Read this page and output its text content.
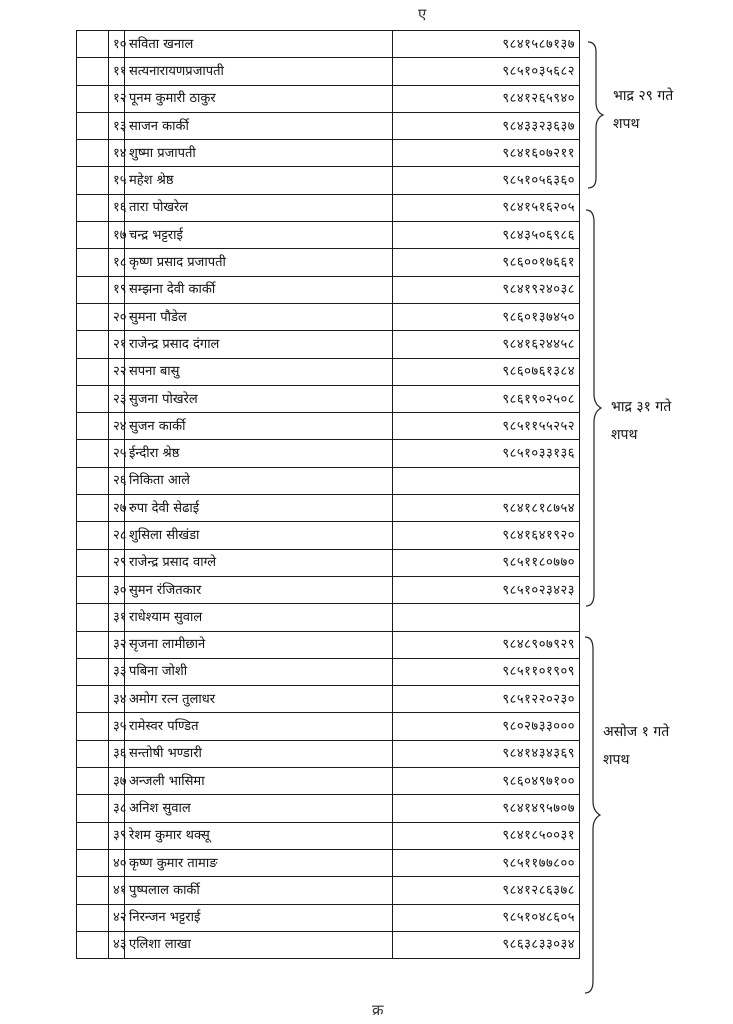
ए
	१०	सविता खनाल	९८४१५८७१३७
	११	सत्यनारायणप्रजापती	९८५१०३५६८२
	१२	पूनम कुमारी ठाकुर	९८४१२६५९४०
	१३	साजन कार्की	९८४३३२३६३७
	१४	शुष्मा प्रजापती	९८४१६०७२११
	१५	महेश श्रेष्ठ	९८५१०५६३६०
	१६	तारा पोखरेल	९८४१५१६२०५
	१७	चन्द्र भट्टराई	९८४३५०६९८६
	१८	कृष्ण प्रसाद प्रजापती	९८६००१७६६१
	१९	सम्झना देवी कार्की	९८४१९२४०३८
	२०	सुमना पौडेल	९८६०१३७४५०
	२१	राजेन्द्र प्रसाद दंगाल	९८४१६२४४५८
	२२	सपना बासु	९८६०७६१३८४
	२३	सुजना पोखरेल	९८६१९०२५०८
	२४	सुजन कार्की	९८५११५५२५२
	२५	ईन्दीरा श्रेष्ठ	९८५१०३३१३६
	२६	निकिता आले	
	२७	रुपा देवी सेढाई	९८४१८१८७५४
	२८	शुसिला सीखंडा	९८४१६४१९२०
	२९	राजेन्द्र प्रसाद वाग्ले	९८५११८०७७०
	३०	सुमन रंजितकार	९८५१०२३४२३
	३१	राधेश्याम सुवाल	
	३२	सृजना लामीछाने	९८४८९०७९२९
	३३	पबिना जोशी	९८५११०१९०९
	३४	अमोग रत्न तुलाधर	९८५१२२०२३०
	३५	रामेस्वर पण्डित	९८०२७३३०००
	३६	सन्तोषी भण्डारी	९८४१४३४३६९
	३७	अन्जली भासिमा	९८६०४९७१००
	३८	अनिश सुवाल	९८४१४९५७०७
	३९	रेशम कुमार थक्सू	९८४१८५००३१
	४०	कृष्ण कुमार तामाङ	९८५११७७८००
	४१	पुष्पलाल कार्की	९८४१२८६३७८
	४२	निरन्जन भट्टराई	९८५१०४८६०५
	४३	एलिशा लाखा	९८६३८३३०३४
भाद्र २९ गते
शपथ
भाद्र ३१ गते
शपथ
असोज १ गते
शपथ
क्र
